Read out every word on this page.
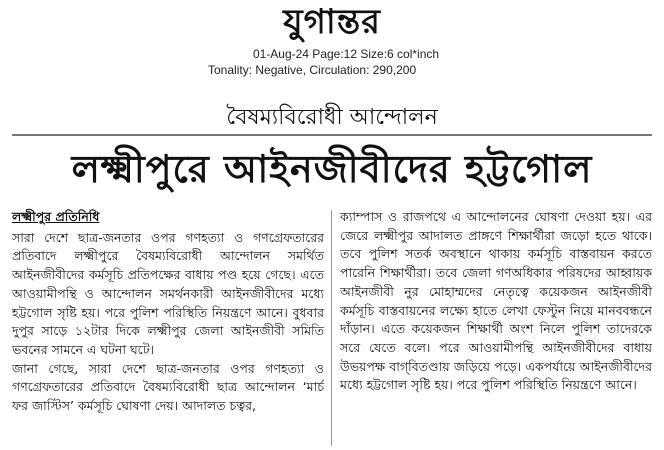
যুগান্তর
01-Aug-24 Page:12 Size:6 col*inch
Tonality: Negative, Circulation: 290,200
বৈষম্যবিরোধী আন্দোলন
লক্ষ্মীপুরে আইনজীবীদের হট্টগোল

লক্ষ্মীপুর প্রতিনিধি

সারা দেশে ছাত্র-জনতার ওপর গণহত্যা ও গণগ্রেফতারের প্রতিবাদে লক্ষ্মীপুরে বৈষম্যবিরোধী আন্দোলন সমর্থিত আইনজীবীদের কর্মসূচি প্রতিপক্ষের বাধায় পণ্ড হয়ে গেছে। এতে আওয়ামীপন্থি ও আন্দোলন সমর্থনকারী আইনজীবীদের মধ্যে হট্টগোল সৃষ্টি হয়। পরে পুলিশ পরিস্থিতি নিয়ন্ত্রণে আনে। বুধবার দুপুর সাড়ে ১২টার দিকে লক্ষ্মীপুর জেলা আইনজীবী সমিতি ভবনের সামনে এ ঘটনা ঘটে।

জানা গেছে, সারা দেশে ছাত্র-জনতার ওপর গণহত্যা ও গণগ্রেফতারের প্রতিবাদে বৈষম্যবিরোধী ছাত্র আন্দোলন ‘মার্চ ফর জাস্টিস’ কর্মসূচি ঘোষণা দেয়। আদালত চত্বর,

ক্যাম্পাস ও রাজপথে এ আন্দোলনের ঘোষণা দেওয়া হয়। এর জেরে লক্ষ্মীপুর আদালত প্রাঙ্গণে শিক্ষার্থীরা জড়ো হতে থাকে। তবে পুলিশ সতর্ক অবস্থানে থাকায় কর্মসূচি বাস্তবায়ন করতে পারেনি শিক্ষার্থীরা। তবে জেলা গণঅধিকার পরিষদের আহ্বায়ক আইনজীবী নুর মোহাম্মদের নেতৃত্বে কয়েকজন আইনজীবী কর্মসূচি বাস্তবায়নের লক্ষ্যে হাতে লেখা ফেস্টুন নিয়ে মানববন্ধনে দাঁড়ান। এতে কয়েকজন শিক্ষার্থী অংশ নিলে পুলিশ তাদেরকে সরে যেতে বলে। পরে আওয়ামীপন্থি আইনজীবীদের বাধায় উভয়পক্ষ বাগ্‌বিতণ্ডায় জড়িয়ে পড়ে। একপর্যায়ে আইনজীবীদের মধ্যে হট্টগোল সৃষ্টি হয়। পরে পুলিশ পরিস্থিতি নিয়ন্ত্রণে আনে।
